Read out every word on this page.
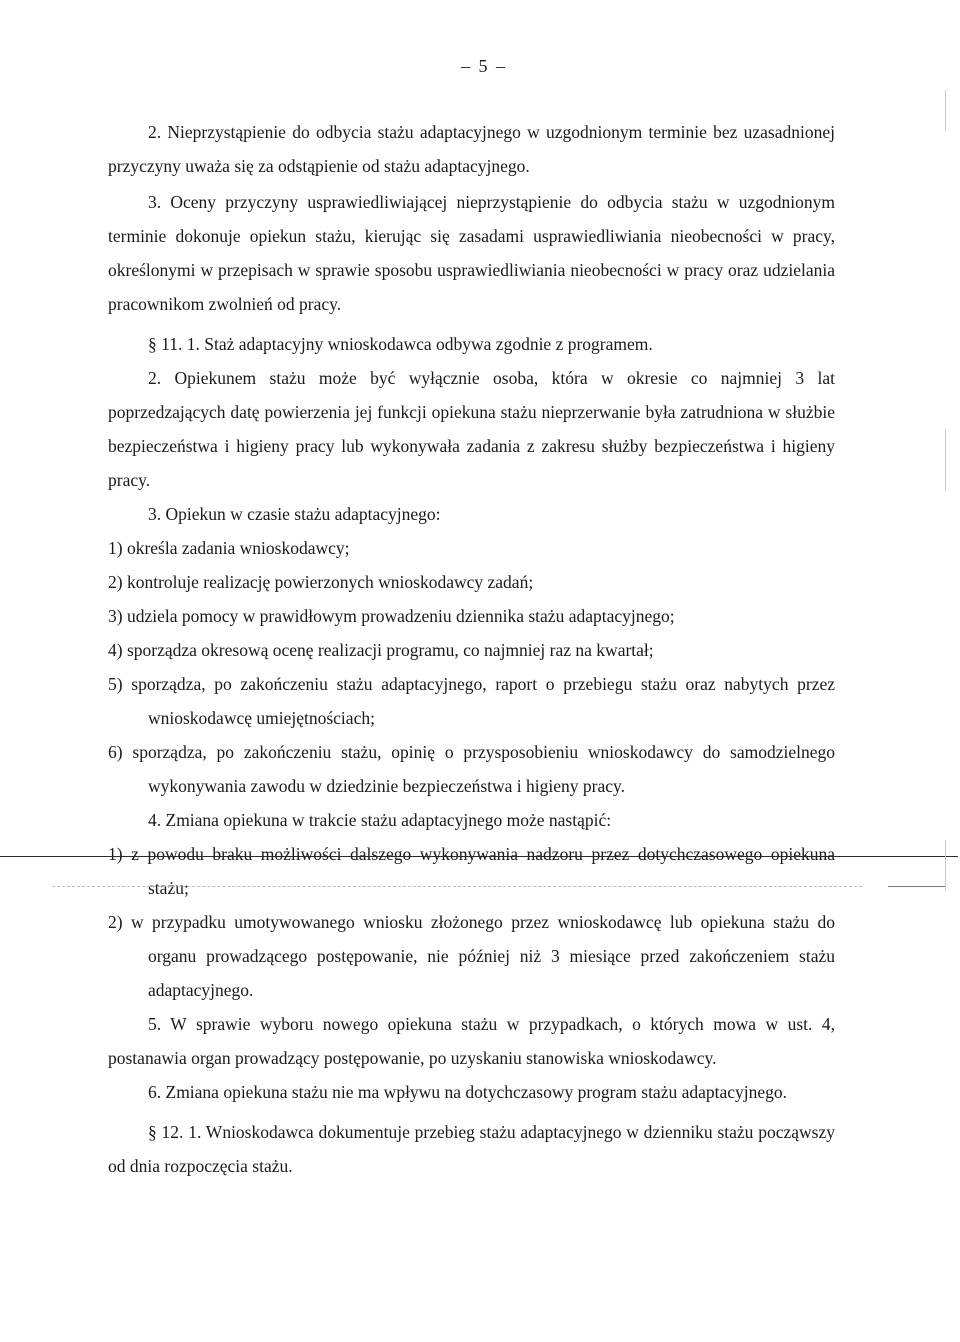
– 5 –

2. Nieprzystąpienie do odbycia stażu adaptacyjnego w uzgodnionym terminie bez uzasadnionej przyczyny uważa się za odstąpienie od stażu adaptacyjnego.

3. Oceny przyczyny usprawiedliwiającej nieprzystąpienie do odbycia stażu w uzgodnionym terminie dokonuje opiekun stażu, kierując się zasadami usprawiedliwiania nieobecności w pracy, określonymi w przepisach w sprawie sposobu usprawiedliwiania nieobecności w pracy oraz udzielania pracownikom zwolnień od pracy.

§ 11. 1. Staż adaptacyjny wnioskodawca odbywa zgodnie z programem.

2. Opiekunem stażu może być wyłącznie osoba, która w okresie co najmniej 3 lat poprzedzających datę powierzenia jej funkcji opiekuna stażu nieprzerwanie była zatrudniona w służbie bezpieczeństwa i higieny pracy lub wykonywała zadania z zakresu służby bezpieczeństwa i higieny pracy.

3. Opiekun w czasie stażu adaptacyjnego:

1) określa zadania wnioskodawcy;

2) kontroluje realizację powierzonych wnioskodawcy zadań;

3) udziela pomocy w prawidłowym prowadzeniu dziennika stażu adaptacyjnego;

4) sporządza okresową ocenę realizacji programu, co najmniej raz na kwartał;

5) sporządza, po zakończeniu stażu adaptacyjnego, raport o przebiegu stażu oraz nabytych przez wnioskodawcę umiejętnościach;

6) sporządza, po zakończeniu stażu, opinię o przysposobieniu wnioskodawcy do samodzielnego wykonywania zawodu w dziedzinie bezpieczeństwa i higieny pracy.

4. Zmiana opiekuna w trakcie stażu adaptacyjnego może nastąpić:

1) z powodu braku możliwości dalszego wykonywania nadzoru przez dotychczasowego opiekuna stażu;

2) w przypadku umotywowanego wniosku złożonego przez wnioskodawcę lub opiekuna stażu do organu prowadzącego postępowanie, nie później niż 3 miesiące przed zakończeniem stażu adaptacyjnego.

5. W sprawie wyboru nowego opiekuna stażu w przypadkach, o których mowa w ust. 4, postanawia organ prowadzący postępowanie, po uzyskaniu stanowiska wnioskodawcy.

6. Zmiana opiekuna stażu nie ma wpływu na dotychczasowy program stażu adaptacyjnego.

§ 12. 1. Wnioskodawca dokumentuje przebieg stażu adaptacyjnego w dzienniku stażu począwszy od dnia rozpoczęcia stażu.
